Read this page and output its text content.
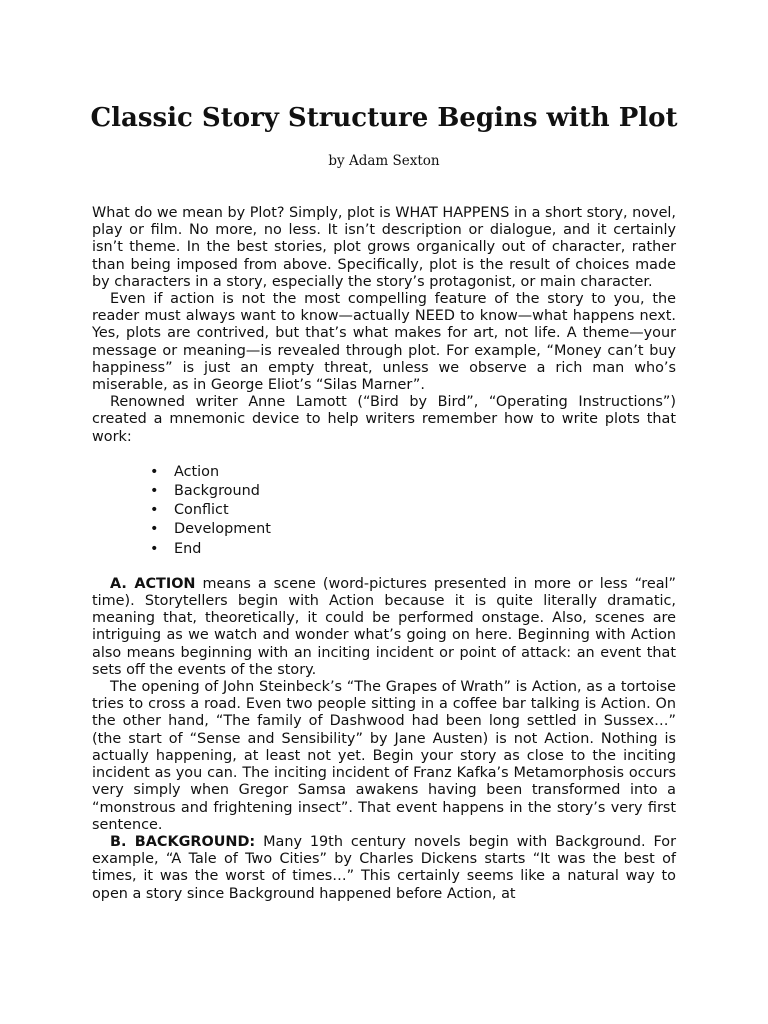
Classic Story Structure Begins with Plot
by Adam Sexton

What do we mean by Plot? Simply, plot is WHAT HAPPENS in a short story, novel, play or film. No more, no less. It isn’t description or dialogue, and it certainly isn’t theme. In the best stories, plot grows organically out of character, rather than being imposed from above. Specifically, plot is the result of choices made by characters in a story, especially the story’s protagonist, or main character.

Even if action is not the most compelling feature of the story to you, the reader must always want to know—actually NEED to know—what happens next. Yes, plots are contrived, but that’s what makes for art, not life. A theme—your message or meaning—is revealed through plot. For example, “Money can’t buy happiness” is just an empty threat, unless we observe a rich man who’s miserable, as in George Eliot’s “Silas Marner”.

Renowned writer Anne Lamott (“Bird by Bird”, “Operating Instructions”) created a mnemonic device to help writers remember how to write plots that work:

• Action
• Background
• Conflict
• Development
• End

A. ACTION means a scene (word-pictures presented in more or less “real” time). Storytellers begin with Action because it is quite literally dramatic, meaning that, theoretically, it could be performed onstage. Also, scenes are intriguing as we watch and wonder what’s going on here. Beginning with Action also means beginning with an inciting incident or point of attack: an event that sets off the events of the story.

The opening of John Steinbeck’s “The Grapes of Wrath” is Action, as a tortoise tries to cross a road. Even two people sitting in a coffee bar talking is Action. On the other hand, “The family of Dashwood had been long settled in Sussex…” (the start of “Sense and Sensibility” by Jane Austen) is not Action. Nothing is actually happening, at least not yet. Begin your story as close to the inciting incident as you can. The inciting incident of Franz Kafka’s Metamorphosis occurs very simply when Gregor Samsa awakens having been transformed into a “monstrous and frightening insect”. That event happens in the story’s very first sentence.

B. BACKGROUND: Many 19th century novels begin with Background. For example, “A Tale of Two Cities” by Charles Dickens starts “It was the best of times, it was the worst of times…” This certainly seems like a natural way to open a story since Background happened before Action, at
